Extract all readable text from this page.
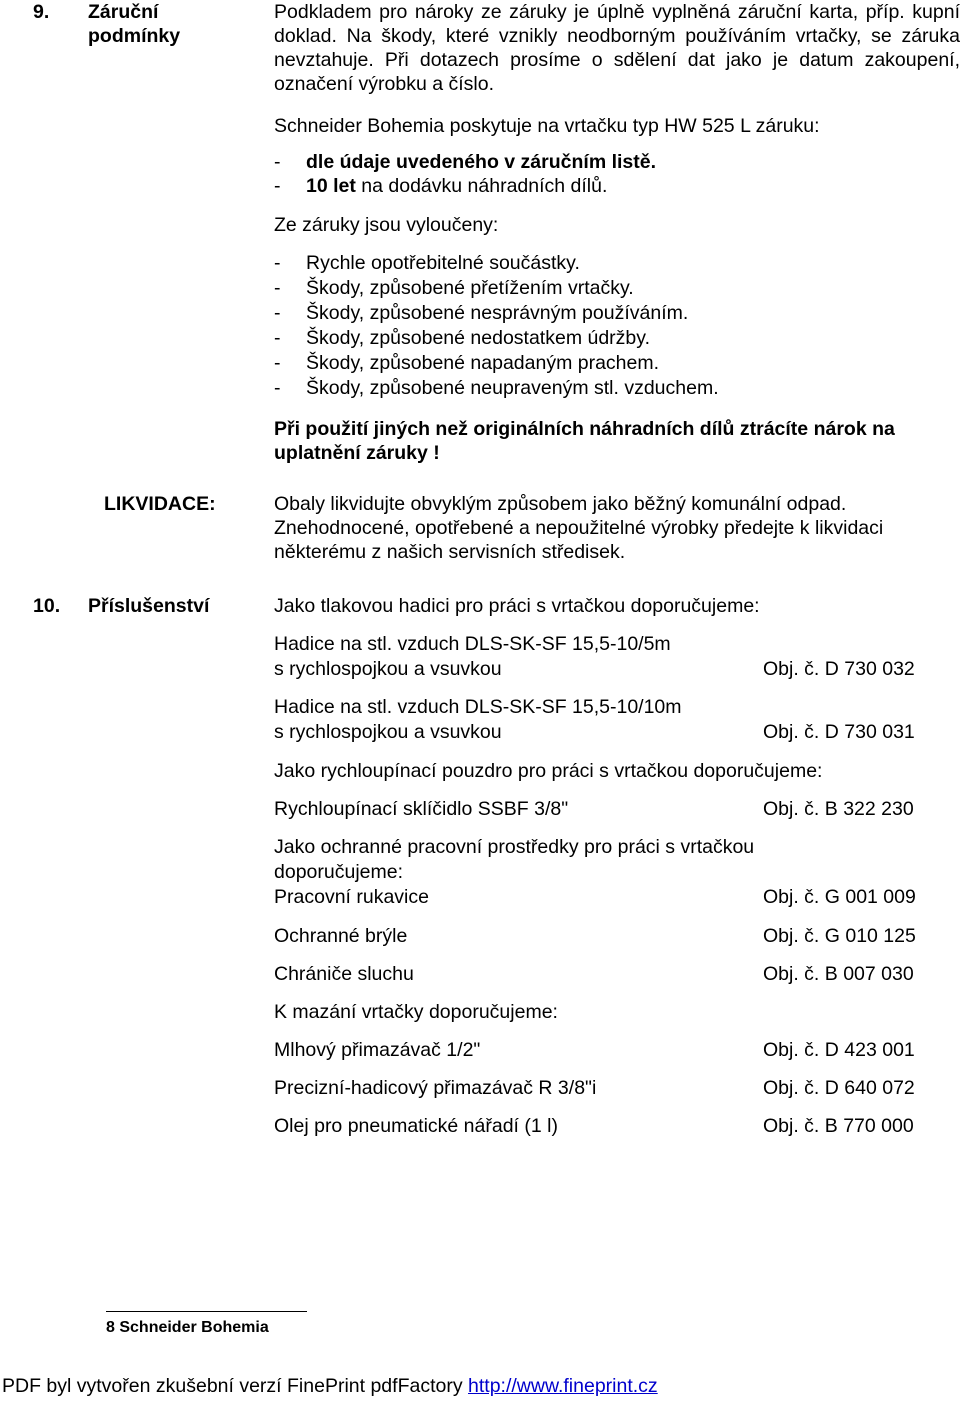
9. Záruční
podmínky
Podkladem pro nároky ze záruky je úplně vyplněná záruční karta, příp. kupní doklad. Na škody, které vznikly neodborným používáním vrtačky, se záruka nevztahuje. Při dotazech prosíme o sdělení dat jako je datum zakoupení, označení výrobku a číslo.
Schneider Bohemia poskytuje na vrtačku typ HW 525 L záruku:
- dle údaje uvedeného v záručním listě.
- 10 let na dodávku náhradních dílů.
Ze záruky jsou vyloučeny:
- Rychle opotřebitelné součástky.
- Škody, způsobené přetížením vrtačky.
- Škody, způsobené nesprávným používáním.
- Škody, způsobené nedostatkem údržby.
- Škody, způsobené napadaným prachem.
- Škody, způsobené neupraveným stl. vzduchem.
Při použití jiných než originálních náhradních dílů ztrácíte nárok na uplatnění záruky !
LIKVIDACE:	Obaly likvidujte obvyklým způsobem jako běžný komunální odpad. Znehodnocené, opotřebené a nepoužitelné výrobky předejte k likvidaci některému z našich servisních středisek.
10. Příslušenství	Jako tlakovou hadici pro práci s vrtačkou doporučujeme:
Hadice na stl. vzduch DLS-SK-SF 15,5-10/5m
s rychlospojkou a vsuvkou	Obj. č. D 730 032
Hadice na stl. vzduch DLS-SK-SF 15,5-10/10m
s rychlospojkou a vsuvkou	Obj. č. D 730 031
Jako rychloupínací pouzdro pro práci s vrtačkou doporučujeme:
Rychloupínací sklíčidlo SSBF 3/8"	Obj. č. B 322 230
Jako ochranné pracovní prostředky pro práci s vrtačkou
doporučujeme:
Pracovní rukavice	Obj. č. G 001 009
Ochranné brýle	Obj. č. G 010 125
Chrániče sluchu	Obj. č. B 007 030
K mazání vrtačky doporučujeme:
Mlhový přimazávač 1/2"	Obj. č. D 423 001
Precizní-hadicový přimazávač R 3/8"i	Obj. č. D 640 072
Olej pro pneumatické nářadí (1 l)	Obj. č. B 770 000
8 Schneider Bohemia
PDF byl vytvořen zkušební verzí FinePrint pdfFactory http://www.fineprint.cz
